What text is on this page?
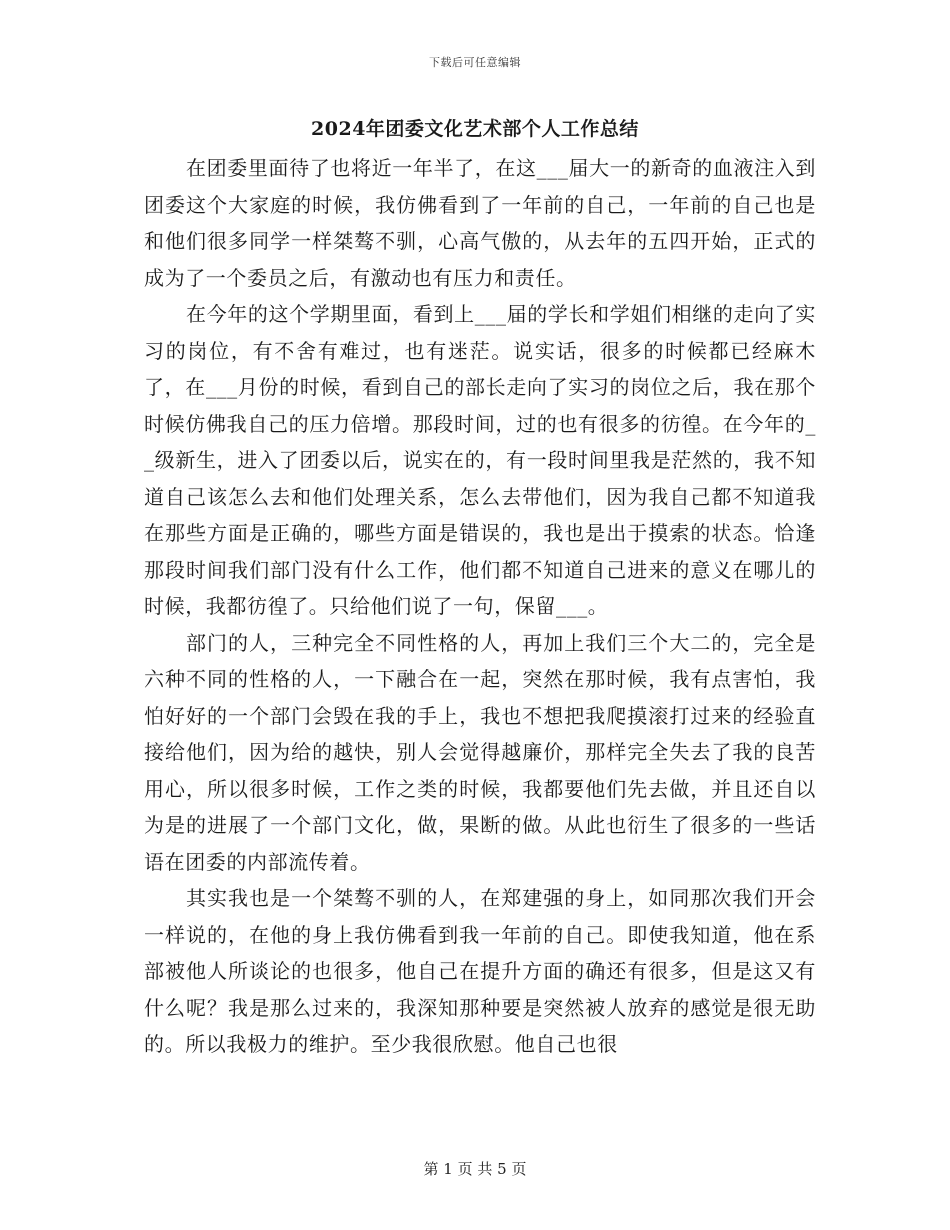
下载后可任意编辑
2024年团委文化艺术部个人工作总结

在团委里面待了也将近一年半了，在这___届大一的新奇的血液注入到团委这个大家庭的时候，我仿佛看到了一年前的自己，一年前的自己也是和他们很多同学一样桀骜不驯，心高气傲的，从去年的五四开始，正式的成为了一个委员之后，有激动也有压力和责任。

在今年的这个学期里面，看到上___届的学长和学姐们相继的走向了实习的岗位，有不舍有难过，也有迷茫。说实话，很多的时候都已经麻木了，在___月份的时候，看到自己的部长走向了实习的岗位之后，我在那个时候仿佛我自己的压力倍增。那段时间，过的也有很多的彷徨。在今年的__级新生，进入了团委以后，说实在的，有一段时间里我是茫然的，我不知道自己该怎么去和他们处理关系，怎么去带他们，因为我自己都不知道我在那些方面是正确的，哪些方面是错误的，我也是出于摸索的状态。恰逢那段时间我们部门没有什么工作，他们都不知道自己进来的意义在哪儿的时候，我都彷徨了。只给他们说了一句，保留___。

部门的人，三种完全不同性格的人，再加上我们三个大二的，完全是六种不同的性格的人，一下融合在一起，突然在那时候，我有点害怕，我怕好好的一个部门会毁在我的手上，我也不想把我爬摸滚打过来的经验直接给他们，因为给的越快，别人会觉得越廉价，那样完全失去了我的良苦用心，所以很多时候，工作之类的时候，我都要他们先去做，并且还自以为是的进展了一个部门文化，做，果断的做。从此也衍生了很多的一些话语在团委的内部流传着。

其实我也是一个桀骜不驯的人，在郑建强的身上，如同那次我们开会一样说的，在他的身上我仿佛看到我一年前的自己。即使我知道，他在系部被他人所谈论的也很多，他自己在提升方面的确还有很多，但是这又有什么呢？我是那么过来的，我深知那种要是突然被人放弃的感觉是很无助的。所以我极力的维护。至少我很欣慰。他自己也很

第 1 页 共 5 页
